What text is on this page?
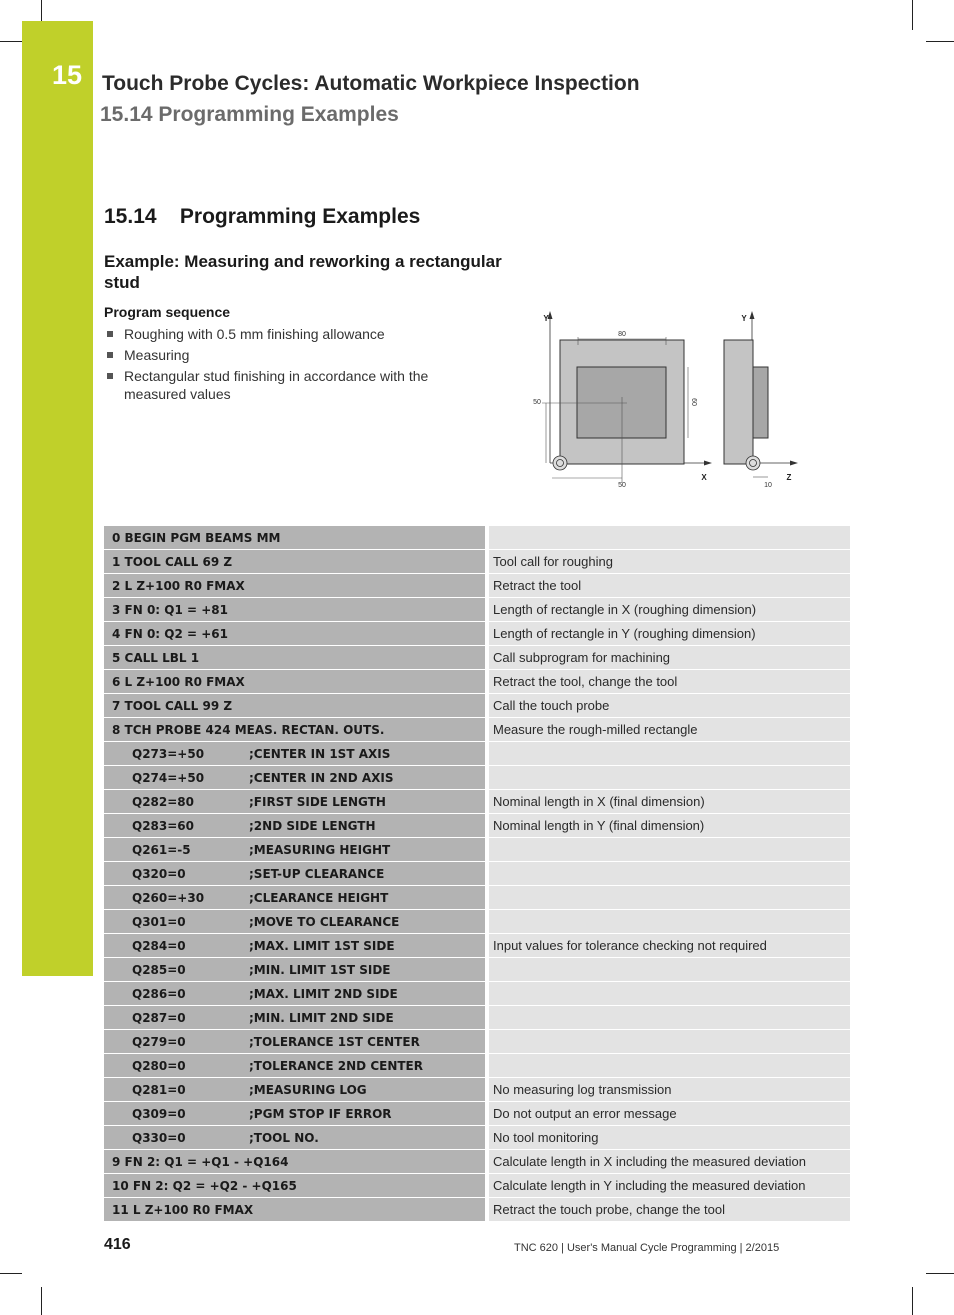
15 Touch Probe Cycles: Automatic Workpiece Inspection
15.14 Programming Examples
15.14    Programming Examples
Example: Measuring and reworking a rectangular stud
Program sequence
Roughing with 0.5 mm finishing allowance
Measuring
Rectangular stud finishing in accordance with the measured values
80
60
50
50
Y
X
10
Y
Z
0 BEGIN PGM BEAMS MM		
1 TOOL CALL 69 Z		Tool call for roughing
2 L Z+100 R0 FMAX		Retract the tool
3 FN 0: Q1 = +81		Length of rectangle in X (roughing dimension)
4 FN 0: Q2 = +61		Length of rectangle in Y (roughing dimension)
5 CALL LBL 1		Call subprogram for machining
6 L Z+100 R0 FMAX		Retract the tool, change the tool
7 TOOL CALL 99 Z		Call the touch probe
8 TCH PROBE 424 MEAS. RECTAN. OUTS.		Measure the rough-milled rectangle
Q273=+50 ;CENTER IN 1ST AXIS		
Q274=+50 ;CENTER IN 2ND AXIS		
Q282=80 ;FIRST SIDE LENGTH		Nominal length in X (final dimension)
Q283=60 ;2ND SIDE LENGTH		Nominal length in Y (final dimension)
Q261=-5 ;MEASURING HEIGHT		
Q320=0 ;SET-UP CLEARANCE		
Q260=+30 ;CLEARANCE HEIGHT		
Q301=0 ;MOVE TO CLEARANCE		
Q284=0 ;MAX. LIMIT 1ST SIDE		Input values for tolerance checking not required
Q285=0 ;MIN. LIMIT 1ST SIDE		
Q286=0 ;MAX. LIMIT 2ND SIDE		
Q287=0 ;MIN. LIMIT 2ND SIDE		
Q279=0 ;TOLERANCE 1ST CENTER		
Q280=0 ;TOLERANCE 2ND CENTER		
Q281=0 ;MEASURING LOG		No measuring log transmission
Q309=0 ;PGM STOP IF ERROR		Do not output an error message
Q330=0 ;TOOL NO.		No tool monitoring
9 FN 2: Q1 = +Q1 - +Q164		Calculate length in X including the measured deviation
10 FN 2: Q2 = +Q2 - +Q165		Calculate length in Y including the measured deviation
11 L Z+100 R0 FMAX		Retract the touch probe, change the tool
416	TNC 620 | User's Manual Cycle Programming | 2/2015
